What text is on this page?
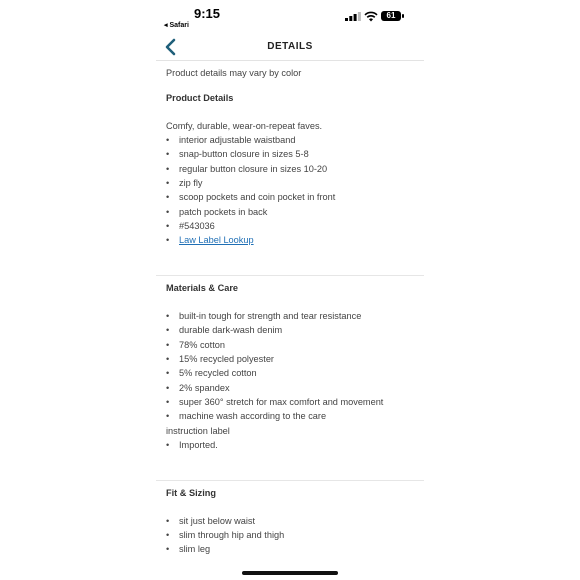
9:15
◂ Safari
61
DETAILS
Product details may vary by color
Product Details
Comfy, durable, wear-on-repeat faves.
• interior adjustable waistband
• snap-button closure in sizes 5-8
• regular button closure in sizes 10-20
• zip fly
• scoop pockets and coin pocket in front
• patch pockets in back
• #543036
• Law Label Lookup
Materials & Care
• built-in tough for strength and tear resistance
• durable dark-wash denim
• 78% cotton
• 15% recycled polyester
• 5% recycled cotton
• 2% spandex
• super 360° stretch for max comfort and movement
• machine wash according to the care
instruction label
• Imported.
Fit & Sizing
• sit just below waist
• slim through hip and thigh
• slim leg
